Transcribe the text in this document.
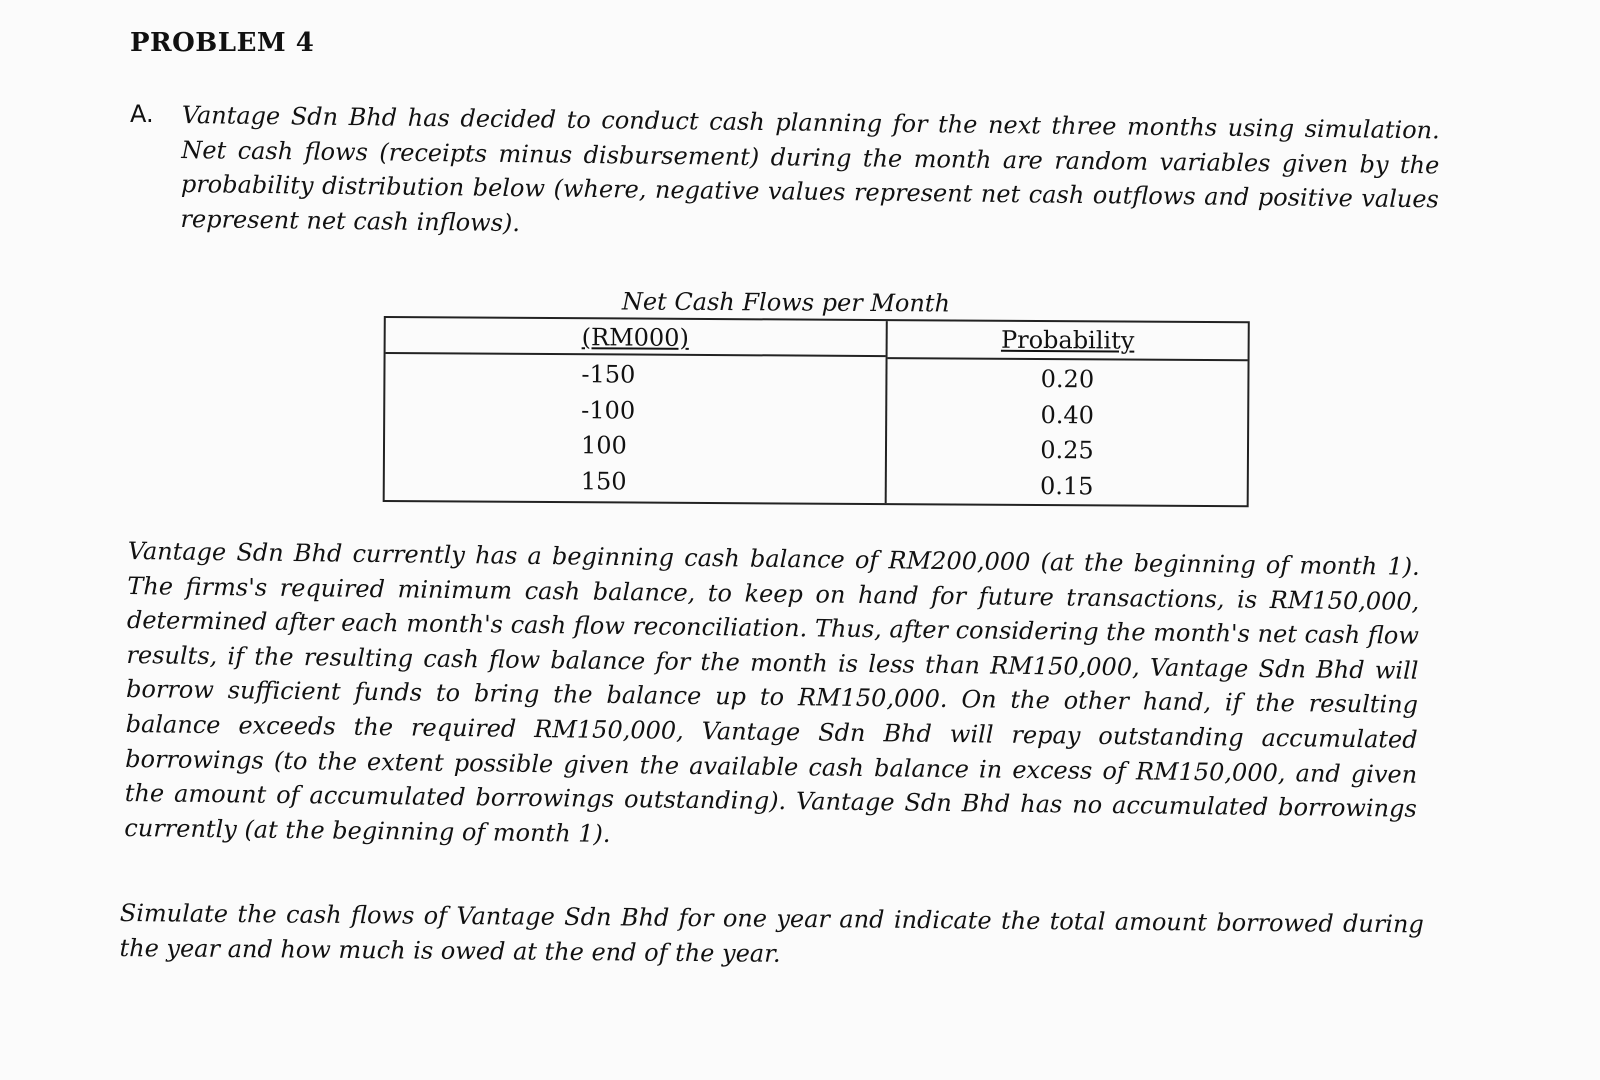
PROBLEM 4
A. Vantage Sdn Bhd has decided to conduct cash planning for the next three months using simulation. Net cash flows (receipts minus disbursement) during the month are random variables given by the probability distribution below (where, negative values represent net cash outflows and positive values represent net cash inflows).
Net Cash Flows per Month
(RM000)
-150
-100
100
150
Probability
0.20
0.40
0.25
0.15
Vantage Sdn Bhd currently has a beginning cash balance of RM200,000 (at the beginning of month 1). The firms's required minimum cash balance, to keep on hand for future transactions, is RM150,000, determined after each month's cash flow reconciliation. Thus, after considering the month's net cash flow results, if the resulting cash flow balance for the month is less than RM150,000, Vantage Sdn Bhd will borrow sufficient funds to bring the balance up to RM150,000. On the other hand, if the resulting balance exceeds the required RM150,000, Vantage Sdn Bhd will repay outstanding accumulated borrowings (to the extent possible given the available cash balance in excess of RM150,000, and given the amount of accumulated borrowings outstanding). Vantage Sdn Bhd has no accumulated borrowings currently (at the beginning of month 1).
Simulate the cash flows of Vantage Sdn Bhd for one year and indicate the total amount borrowed during the year and how much is owed at the end of the year.
